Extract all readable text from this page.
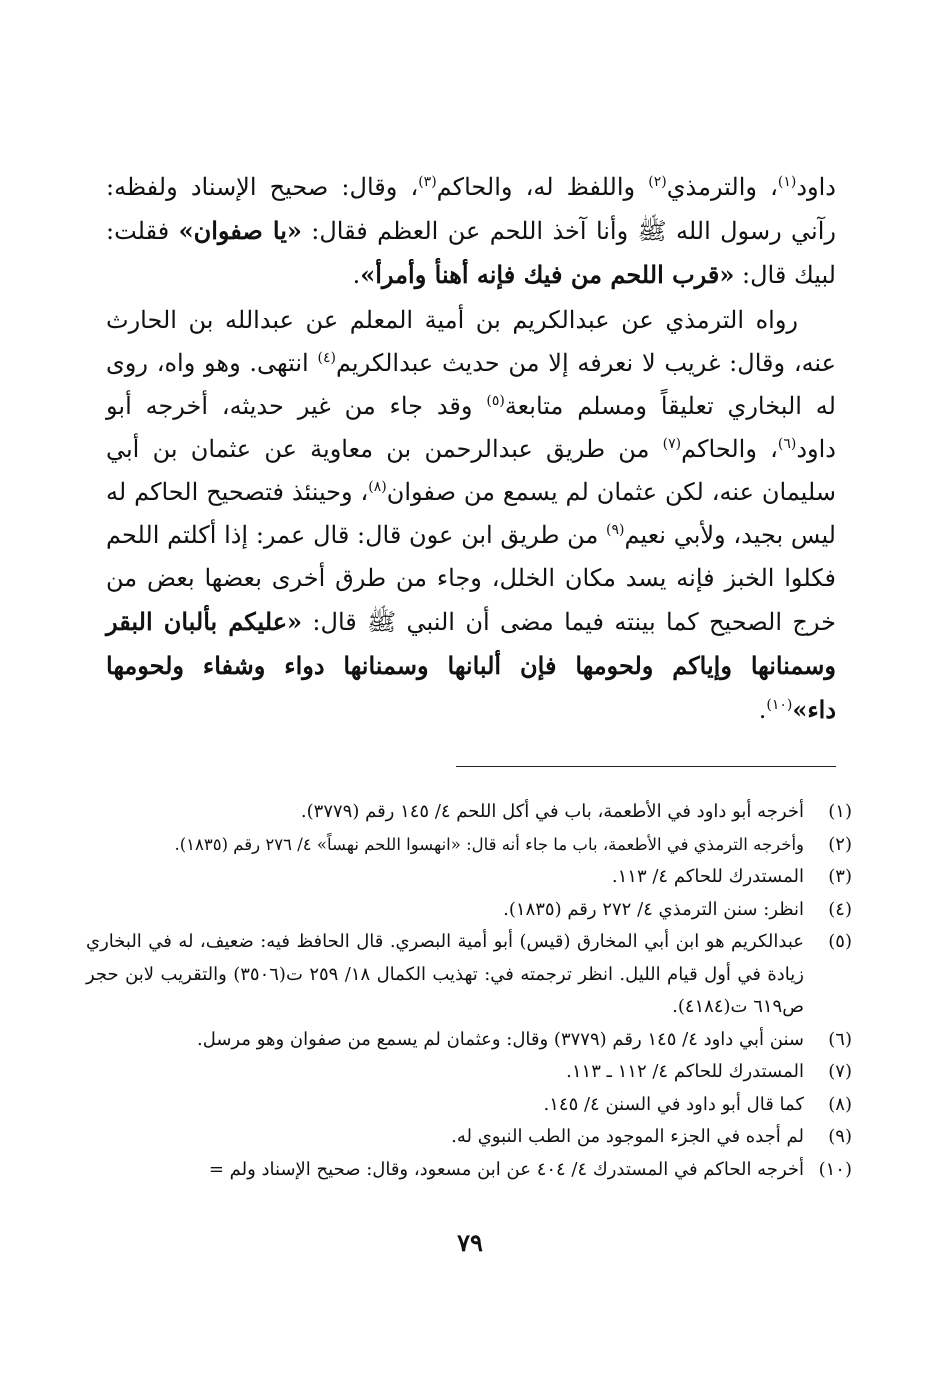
داود$^{(١)}$، والترمذي$^{(٢)}$ واللفظ له، والحاكم$^{(٣)}$، وقال: صحيح الإسناد ولفظه: رآني رسول الله ﷺ وأنا آخذ اللحم عن العظم فقال: «يا صفوان» فقلت: لبيك قال: «قرب اللحم من فيك فإنه أهنأ وأمرأ».

رواه الترمذي عن عبدالكريم بن أمية المعلم عن عبدالله بن الحارث عنه، وقال: غريب لا نعرفه إلا من حديث عبدالكريم$^{(٤)}$ انتهى. وهو واه، روى له البخاري تعليقاً ومسلم متابعة$^{(٥)}$ وقد جاء من غير حديثه، أخرجه أبو داود$^{(٦)}$، والحاكم$^{(٧)}$ من طريق عبدالرحمن بن معاوية عن عثمان بن أبي سليمان عنه، لكن عثمان لم يسمع من صفوان$^{(٨)}$، وحينئذ فتصحيح الحاكم له ليس بجيد، ولأبي نعيم$^{(٩)}$ من طريق ابن عون قال: قال عمر: إذا أكلتم اللحم فكلوا الخبز فإنه يسد مكان الخلل، وجاء من طرق أخرى بعضها بعض من خرج الصحيح كما بينته فيما مضى أن النبي ﷺ قال: «عليكم بألبان البقر وسمنانها وإياكم ولحومها فإن ألبانها وسمنانها دواء وشفاء ولحومها داء»$^{(١٠)}$.

(١)
أخرجه أبو داود في الأطعمة، باب في أكل اللحم ٤/ ١٤٥ رقم (٣٧٧٩).
(٢)
وأخرجه الترمذي في الأطعمة، باب ما جاء أنه قال: «انهسوا اللحم نهساً» ٤/ ٢٧٦ رقم (١٨٣٥).
(٣)
المستدرك للحاكم ٤/ ١١٣.
(٤)
انظر: سنن الترمذي ٤/ ٢٧٢ رقم (١٨٣٥).
(٥)
عبدالكريم هو ابن أبي المخارق (قيس) أبو أمية البصري. قال الحافظ فيه: ضعيف، له في البخاري زيادة في أول قيام الليل. انظر ترجمته في: تهذيب الكمال ١٨/ ٢٥٩ ت(٣٥٠٦) والتقريب لابن حجر ص٦١٩ ت(٤١٨٤).
(٦)
سنن أبي داود ٤/ ١٤٥ رقم (٣٧٧٩) وقال: وعثمان لم يسمع من صفوان وهو مرسل.
(٧)
المستدرك للحاكم ٤/ ١١٢ ـ ١١٣.
(٨)
كما قال أبو داود في السنن ٤/ ١٤٥.
(٩)
لم أجده في الجزء الموجود من الطب النبوي له.
(١٠)
أخرجه الحاكم في المستدرك ٤/ ٤٠٤ عن ابن مسعود، وقال: صحيح الإسناد ولم =
٧٩
